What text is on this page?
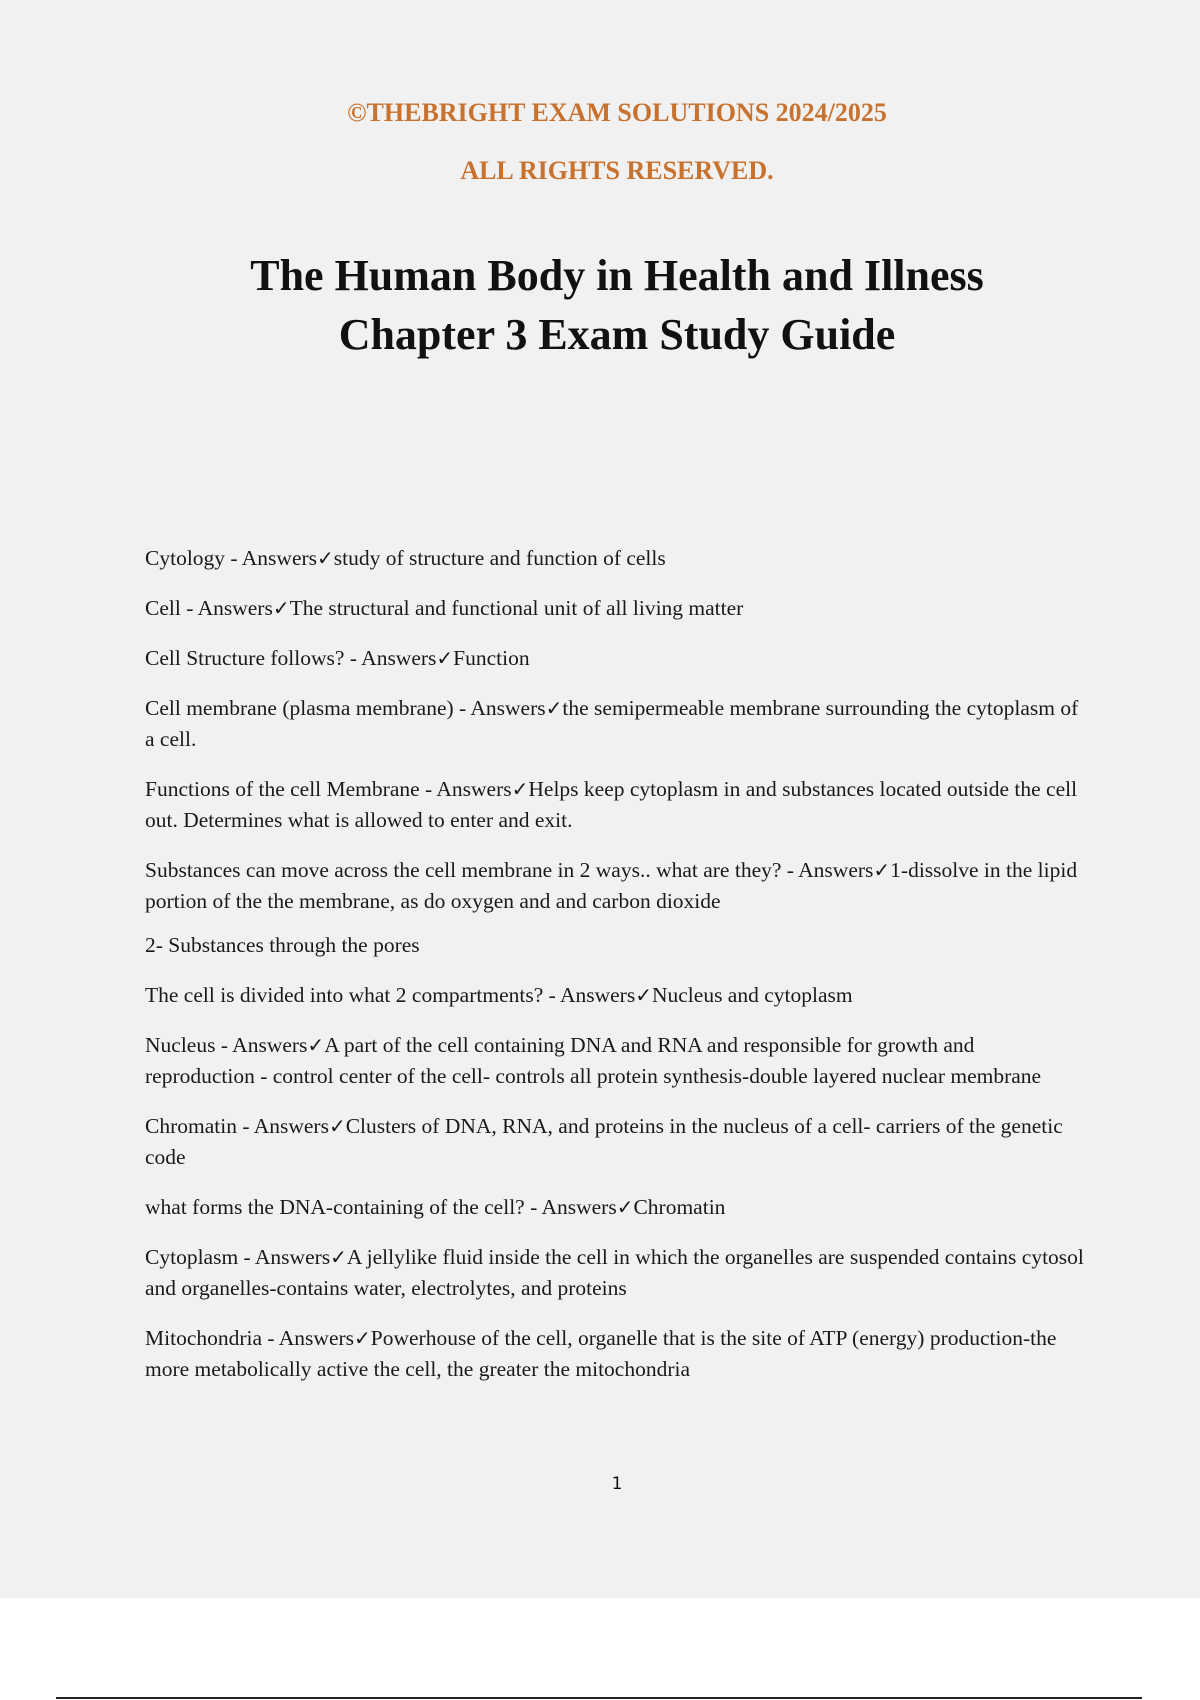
©THEBRIGHT EXAM SOLUTIONS 2024/2025

ALL RIGHTS RESERVED.

The Human Body in Health and Illness
Chapter 3 Exam Study Guide
Cytology - Answers✓study of structure and function of cells
Cell - Answers✓The structural and functional unit of all living matter
Cell Structure follows? - Answers✓Function
Cell membrane (plasma membrane) - Answers✓the semipermeable membrane surrounding the cytoplasm of a cell.
Functions of the cell Membrane - Answers✓Helps keep cytoplasm in and substances located outside the cell out. Determines what is allowed to enter and exit.
Substances can move across the cell membrane in 2 ways.. what are they? - Answers✓1-dissolve in the lipid portion of the the membrane, as do oxygen and and carbon dioxide
2- Substances through the pores
The cell is divided into what 2 compartments? - Answers✓Nucleus and cytoplasm
Nucleus - Answers✓A part of the cell containing DNA and RNA and responsible for growth and reproduction - control center of the cell- controls all protein synthesis-double layered nuclear membrane
Chromatin - Answers✓Clusters of DNA, RNA, and proteins in the nucleus of a cell- carriers of the genetic code
what forms the DNA-containing of the cell? - Answers✓Chromatin
Cytoplasm - Answers✓A jellylike fluid inside the cell in which the organelles are suspended contains cytosol and organelles-contains water, electrolytes, and proteins
Mitochondria - Answers✓Powerhouse of the cell, organelle that is the site of ATP (energy) production-the more metabolically active the cell, the greater the mitochondria
1
